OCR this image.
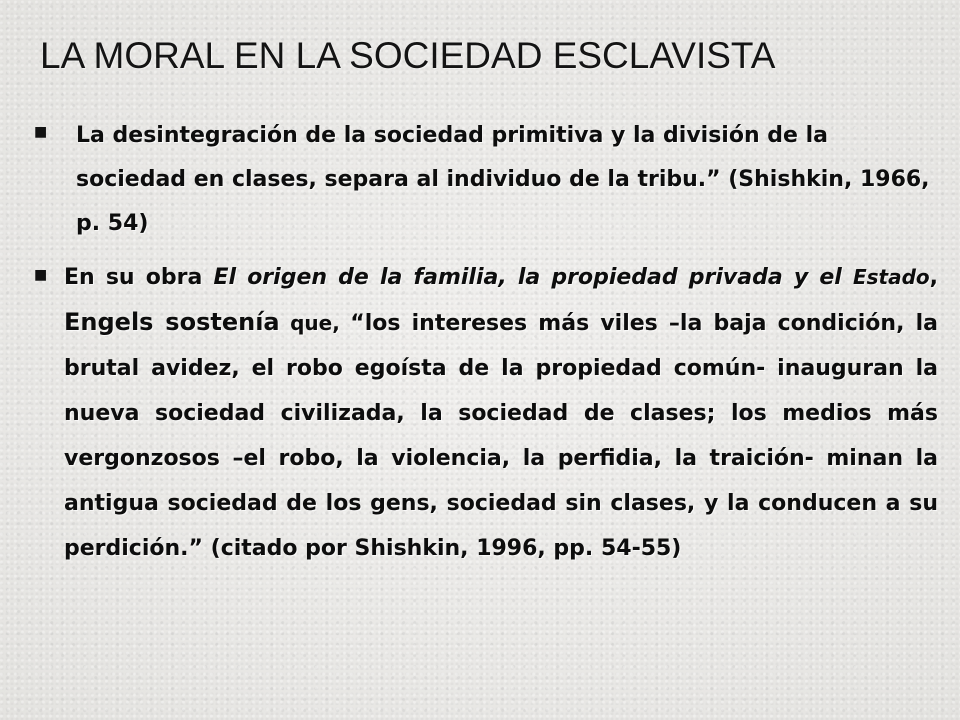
LA MORAL EN LA SOCIEDAD ESCLAVISTA
■ La desintegración de la sociedad primitiva y la división de la sociedad en clases, separa al individuo de la tribu.” (Shishkin, 1966, p. 54)
■ En su obra El origen de la familia, la propiedad privada y el Estado, Engels sostenía que, “los intereses más viles –la baja condición, la brutal avidez, el robo egoísta de la propiedad común- inauguran la nueva sociedad civilizada, la sociedad de clases; los medios más vergonzosos –el robo, la violencia, la perfidia, la traición- minan la antigua sociedad de los gens, sociedad sin clases, y la conducen a su perdición.” (citado por Shishkin, 1996, pp. 54-55)
